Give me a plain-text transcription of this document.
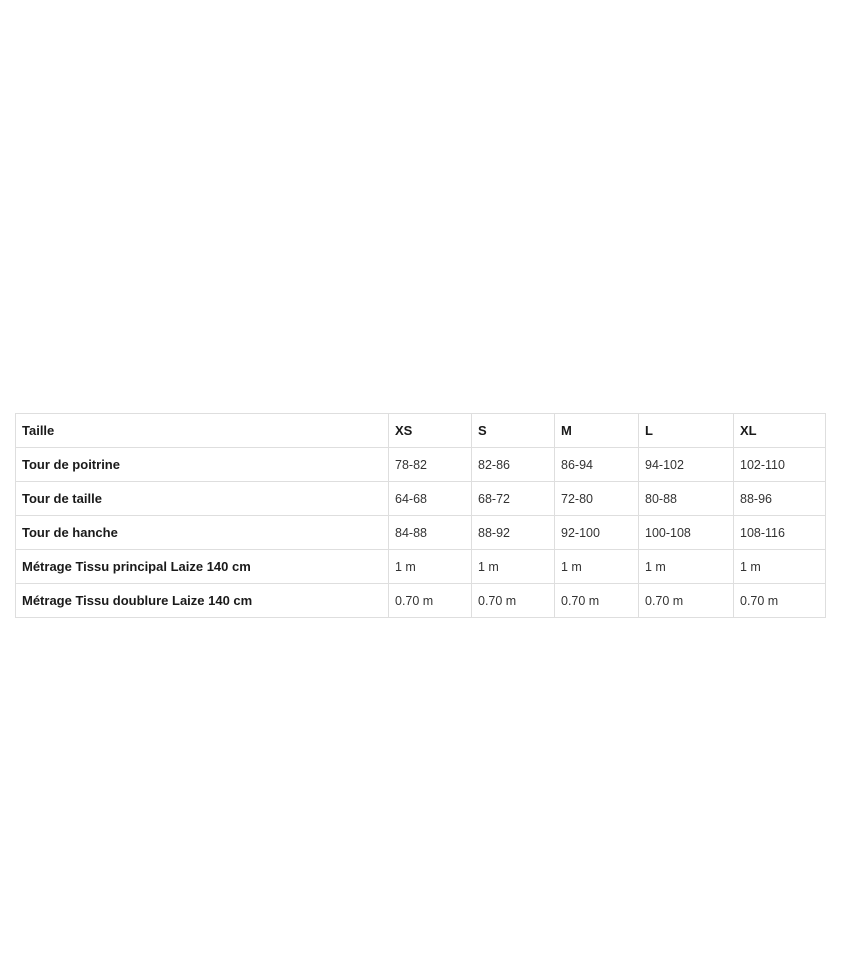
Taille	XS	S	M	L	XL
Tour de poitrine	78-82	82-86	86-94	94-102	102-110
Tour de taille	64-68	68-72	72-80	80-88	88-96
Tour de hanche	84-88	88-92	92-100	100-108	108-116
Métrage Tissu principal Laize 140 cm	1 m	1 m	1 m	1 m	1 m
Métrage Tissu doublure Laize 140 cm	0.70 m	0.70 m	0.70 m	0.70 m	0.70 m
